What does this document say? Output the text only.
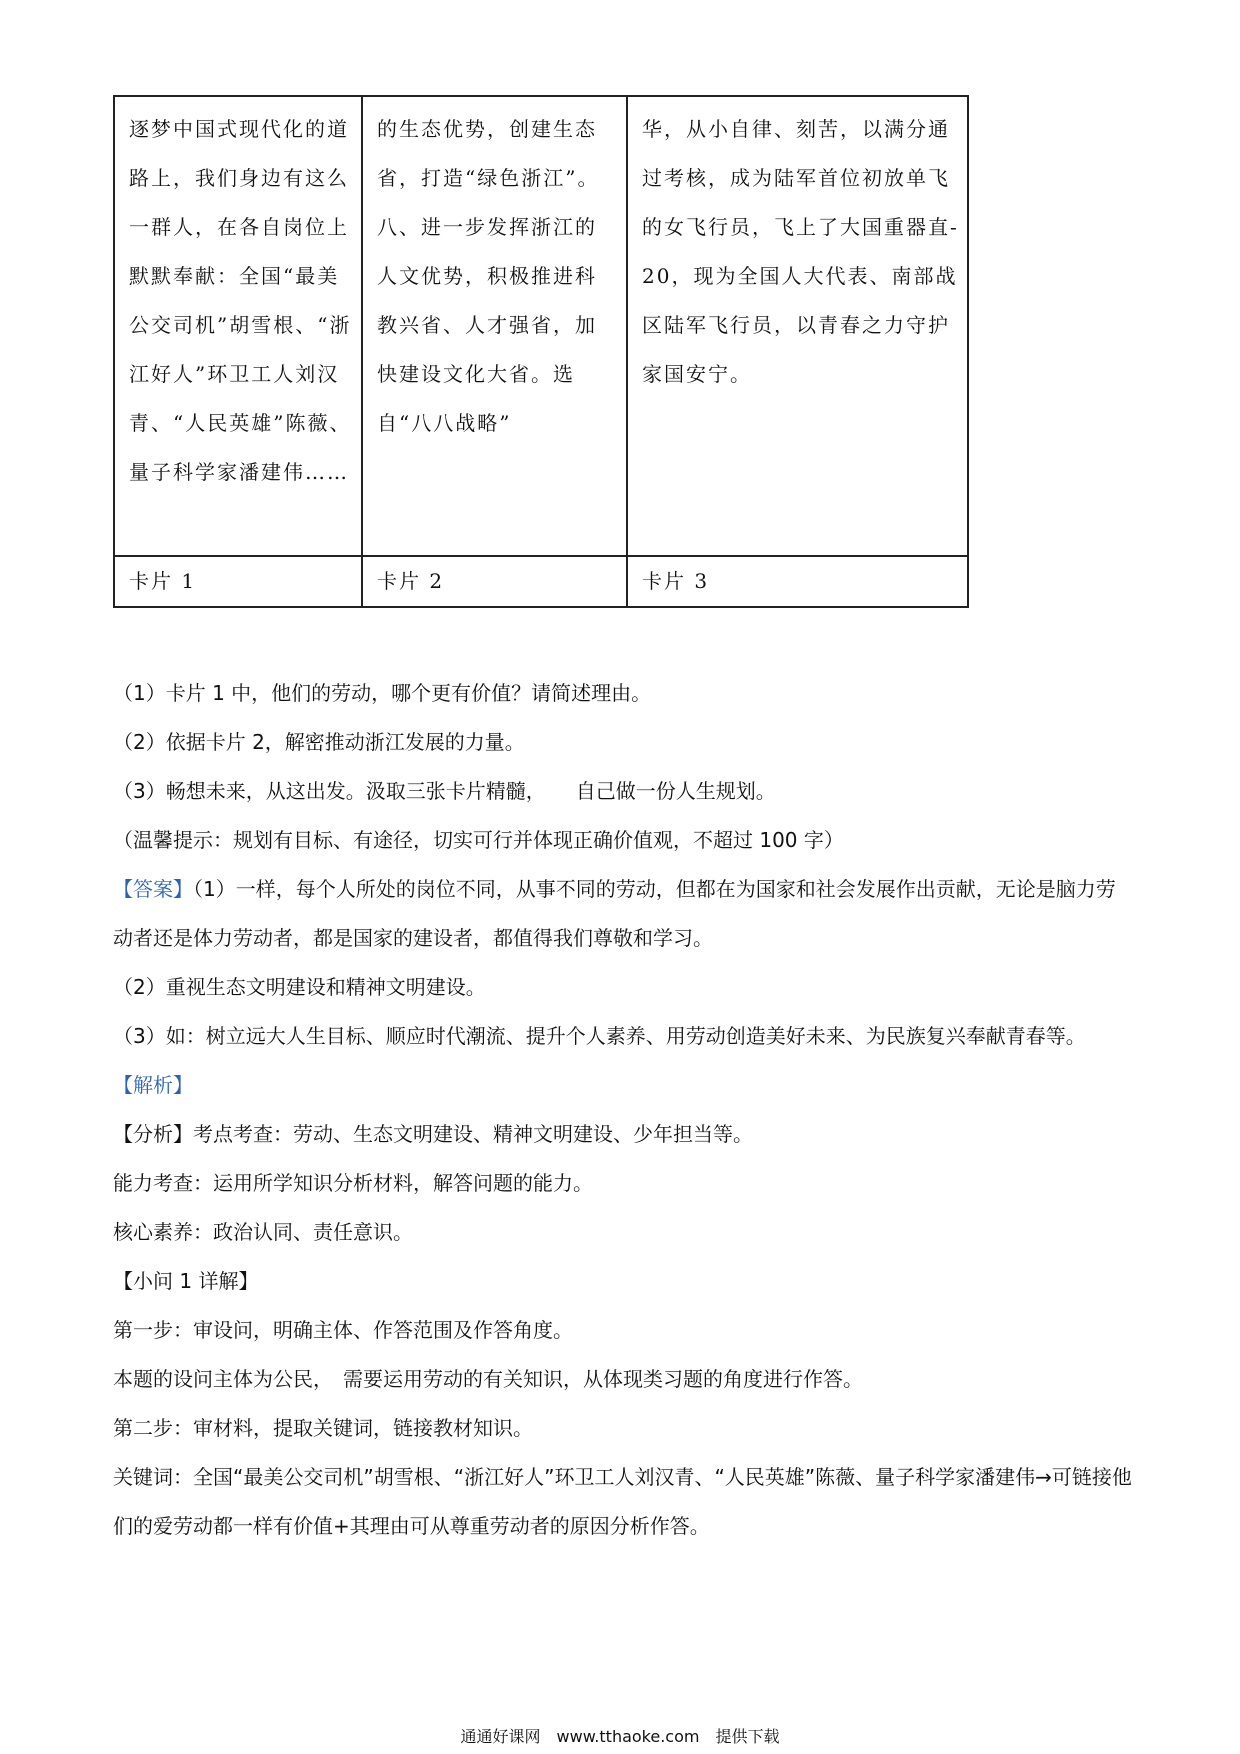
逐梦中国式现代化的道路上，我们身边有这么一群人，在各自岗位上默默奉献：全国“最美公交司机”胡雪根、“浙江好人”环卫工人刘汉青、“人民英雄”陈薇、量子科学家潘建伟……	的生态优势，创建生态省，打造“绿色浙江”。八、进一步发挥浙江的人文优势，积极推进科教兴省、人才强省，加快建设文化大省。选自“八八战略”	华，从小自律、刻苦，以满分通过考核，成为陆军首位初放单飞的女飞行员，飞上了大国重器直-20，现为全国人大代表、南部战区陆军飞行员，以青春之力守护家国安宁。
卡片 1	卡片 2	卡片 3

（1）卡片 1 中，他们的劳动，哪个更有价值？请简述理由。

（2）依据卡片 2，解密推动浙江发展的力量。

（3）畅想未来，从这出发。汲取三张卡片精髓，　　自己做一份人生规划。

（温馨提示：规划有目标、有途径，切实可行并体现正确价值观，不超过 100 字）

【答案】（1）一样，每个人所处的岗位不同，从事不同的劳动，但都在为国家和社会发展作出贡献，无论是脑力劳动者还是体力劳动者，都是国家的建设者，都值得我们尊敬和学习。

（2）重视生态文明建设和精神文明建设。

（3）如：树立远大人生目标、顺应时代潮流、提升个人素养、用劳动创造美好未来、为民族复兴奉献青春等。

【解析】

【分析】考点考查：劳动、生态文明建设、精神文明建设、少年担当等。

能力考查：运用所学知识分析材料，解答问题的能力。

核心素养：政治认同、责任意识。

【小问 1 详解】

第一步：审设问，明确主体、作答范围及作答角度。

本题的设问主体为公民，　需要运用劳动的有关知识，从体现类习题的角度进行作答。

第二步：审材料，提取关键词，链接教材知识。

关键词：全国“最美公交司机”胡雪根、“浙江好人”环卫工人刘汉青、“人民英雄”陈薇、量子科学家潘建伟→可链接他们的爱劳动都一样有价值+其理由可从尊重劳动者的原因分析作答。

通通好课网　www.tthaoke.com　提供下载
